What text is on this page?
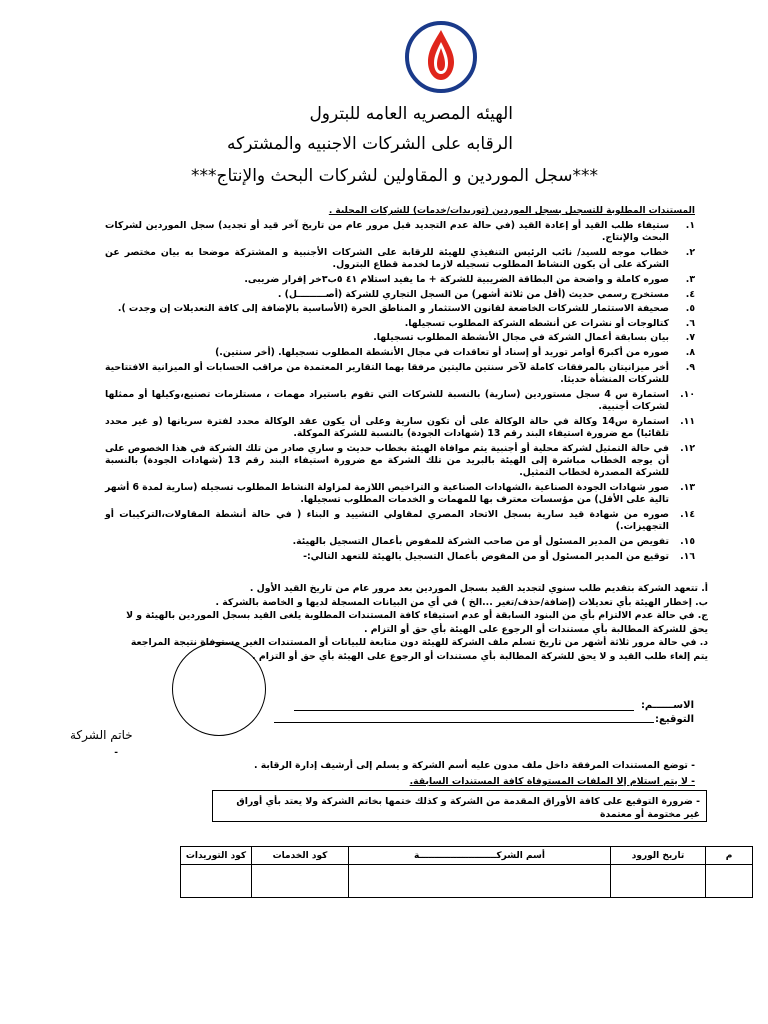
الهيئه المصريه العامه للبترول
الرقابه على الشركات الاجنبيه والمشتركه
***سجل الموردين و المقاولين لشركات البحث والإنتاج***
المستندات المطلوبة للتسجيل بسجل الموردين (توريدات/خدمات) للشركات المحلية .
١.
ستيفاء طلب القيد أو إعادة القيد (في حالة عدم التجديد قبل مرور عام من تاريخ آخر قيد أو تجديد) سجل الموردين لشركات البحث والإنتاج.
٢.
خطاب موجه للسيد/ نائب الرئيس التنفيذي للهيئة للرقابة على الشركات الأجنبية و المشتركة موضحا به بيان مختصر عن الشركة على أن يكون النشاط المطلوب تسجيله لازما لخدمة قطاع البترول.
٣.
صوره كاملة و واضحة من البطاقة الضريبية للشركة + ما يفيد استلام ٤١ ٥ب٣خر إقرار ضريبى.
٤.
مستخرج رسمي حديث (أقل من ثلاثة أشهر) من السجل التجاري للشركة (أصـــــــــل) .
٥.
صحيفة الاستثمار للشركات الخاضعة لقانون الاستثمار و المناطق الحرة (الأساسية بالإضافة إلى كافة التعديلات إن وجدت ).
٦.
كتالوجات أو نشرات عن أنشطه الشركة المطلوب تسجيلها.
٧.
بيان بسابقة أعمال الشركة في مجال الأنشطة المطلوب تسجيلها.
٨.
صوره من أكبر6 أوامر توريد أو إسناد أو تعاقدات في مجال الأنشطة المطلوب تسجيلها. (أخر سنتين.)
٩.
أخر ميزانيتان بالمرفقات كاملة لآخر سنتين ماليتين مرفقا بهما التقارير المعتمدة من مراقب الحسابات أو الميزانية الافتتاحية للشركات المنشأة حديثا.
١٠.
استمارة س 4 سجل مستوردين (سارية) بالنسبة للشركات التي تقوم باستيراد مهمات ، مستلزمات تصنيع،وكيلها أو ممثلها لشركات أجنبية.
١١.
استمارة س14 وكالة في حالة الوكالة على أن تكون سارية وعلى أن يكون عقد الوكالة محدد لفترة سريانها (و غير محدد تلقائيا) مع ضرورة استيفاء البند رقم 13 (شهادات الجودة) بالنسبة للشركة الموكلة.
١٢.
في حالة التمثيل لشركة محلية أو أجنبية يتم موافاة الهيئة بخطاب حديث و ساري صادر من تلك الشركة في هذا الخصوص على أن يوجه الخطاب مباشرة إلى الهيئة بالبريد من تلك الشركة مع ضرورة استيفاء البند رقم 13 (شهادات الجودة) بالنسبة للشركة المصدرة لخطاب التمثيل.
١٣.
صور شهادات الجودة الصناعية ،الشهادات الصناعية و التراخيص اللازمة لمزاولة النشاط المطلوب تسجيله (سارية لمدة 6 أشهر تالية على الأقل) من مؤسسات معترف بها للمهمات و الخدمات المطلوب تسجيلها.
١٤.
صوره من شهادة قيد سارية بسجل الاتحاد المصري لمقاولي التشييد و البناء ( في حالة أنشطة المقاولات،التركيبات أو التجهيزات.)
١٥.
تفويض من المدير المسئول أو من صاحب الشركة للمفوض بأعمال التسجيل بالهيئة.
١٦.
توقيع من المدير المسئول أو من المفوض بأعمال التسجيل بالهيئة للتعهد التالي:-
أ. تتعهد الشركة بتقديم طلب سنوي لتجديد القيد بسجل الموردين بعد مرور عام من تاريخ القيد الأول .
ب. إخطار الهيئة بأي تعديلات (إضافة/حذف/تغير ...الخ ) في أي من البيانات المسجلة لديها و الخاصة بالشركة .
ج. في حالة عدم الالتزام بأي من البنود السابقة أو عدم استيفاء كافة المستندات المطلوبة يلغى القيد بسجل الموردين بالهيئة و لا يحق للشركة المطالبة بأي مستندات أو الرجوع على الهيئة بأي حق أو التزام .
د. في حالة مرور ثلاثة أشهر من تاريخ تسلم ملف الشركة للهيئة دون متابعة للبيانات أو المستندات الغير مستوفاة نتيجة المراجعة يتم إلغاء طلب القيد و لا يحق للشركة المطالبة بأي مستندات أو الرجوع على الهيئة بأي حق أو التزام .
الاســــــم:
التوقيع:
خاتم الشركة
-
- توضع المستندات المرفقة داخل ملف مدون عليه أسم الشركة و يسلم إلى أرشيف إدارة الرقابة .
- لا يتم استلام إلا الملفات المستوفاة كافة المستندات السابقة.
- ضرورة التوقيع على كافة الأوراق المقدمة من الشركة و كذلك ختمها بخاتم الشركة ولا يعتد بأي أوراق غير مختومة أو معتمدة
م	تاريخ الورود	أسم الشركـــــــــــــــــــــــــة	كود الخدمات	كود التوريدات
